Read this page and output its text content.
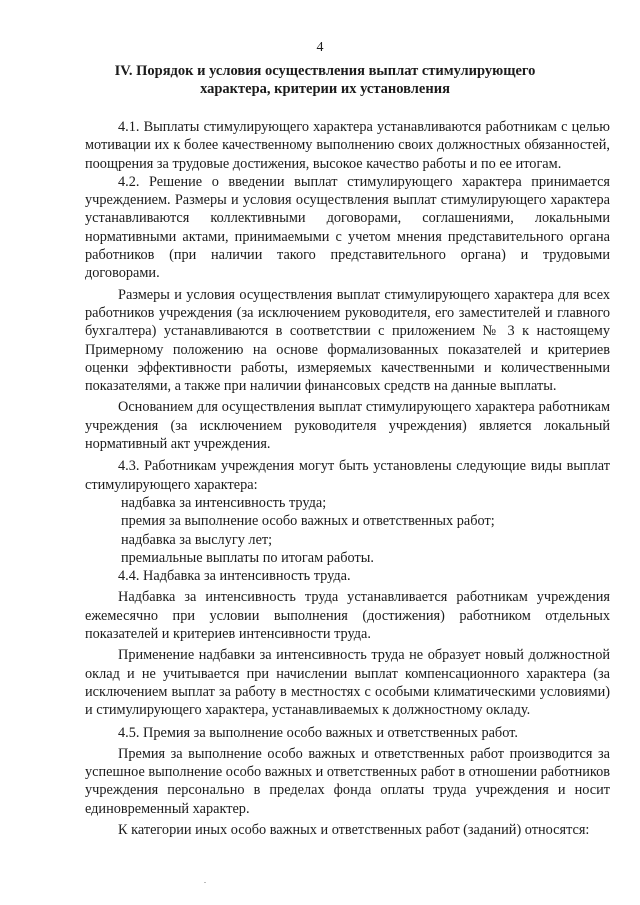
4
IV. Порядок и условия осуществления выплат стимулирующего
характера, критерии их установления

4.1. Выплаты стимулирующего характера устанавливаются работникам с целью мотивации их к более качественному выполнению своих должностных обязанностей, поощрения за трудовые достижения, высокое качество работы и по ее итогам.

4.2. Решение о введении выплат стимулирующего характера принимается учреждением. Размеры и условия осуществления выплат стимулирующего характера устанавливаются коллективными договорами, соглашениями, локальными нормативными актами, принимаемыми с учетом мнения представительного органа работников (при наличии такого представительного органа) и трудовыми договорами.

Размеры и условия осуществления выплат стимулирующего характера для всех работников учреждения (за исключением руководителя, его заместителей и главного бухгалтера) устанавливаются в соответствии с приложением № 3 к настоящему Примерному положению на основе формализованных показателей и критериев оценки эффективности работы, измеряемых качественными и количественными показателями, а также при наличии финансовых средств на данные выплаты.

Основанием для осуществления выплат стимулирующего характера работникам учреждения (за исключением руководителя учреждения) является локальный нормативный акт учреждения.

4.3. Работникам учреждения могут быть установлены следующие виды выплат стимулирующего характера:

надбавка за интенсивность труда;

премия за выполнение особо важных и ответственных работ;

надбавка за выслугу лет;

премиальные выплаты по итогам работы.

4.4. Надбавка за интенсивность труда.

Надбавка за интенсивность труда устанавливается работникам учреждения ежемесячно при условии выполнения (достижения) работником отдельных показателей и критериев интенсивности труда.

Применение надбавки за интенсивность труда не образует новый должностной оклад и не учитывается при начислении выплат компенсационного характера (за исключением выплат за работу в местностях с особыми климатическими условиями) и стимулирующего характера, устанавливаемых к должностному окладу.

4.5. Премия за выполнение особо важных и ответственных работ.

Премия за выполнение особо важных и ответственных работ производится за успешное выполнение особо важных и ответственных работ в отношении работников учреждения персонально в пределах фонда оплаты труда учреждения и носит единовременный характер.

К категории иных особо важных и ответственных работ (заданий) относятся:
